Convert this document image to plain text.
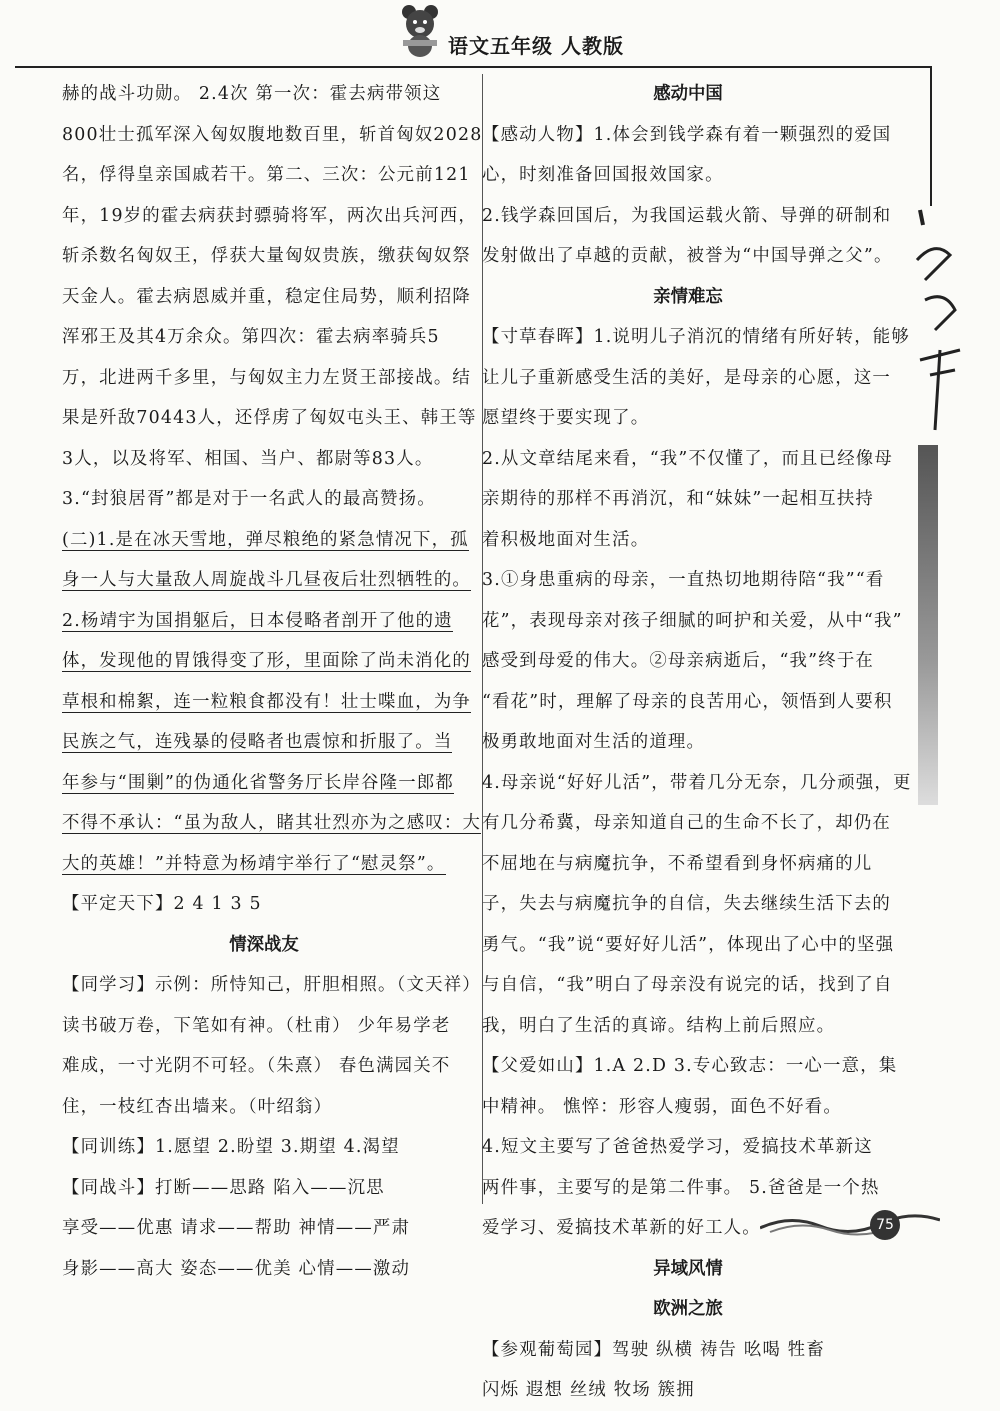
语文五年级 人教版
赫的战斗功勋。 2.4次 第一次：霍去病带领这
800壮士孤军深入匈奴腹地数百里，斩首匈奴2028
名，俘得皇亲国戚若干。第二、三次：公元前121
年，19岁的霍去病获封骠骑将军，两次出兵河西，
斩杀数名匈奴王，俘获大量匈奴贵族，缴获匈奴祭
天金人。霍去病恩威并重，稳定住局势，顺利招降
浑邪王及其4万余众。第四次：霍去病率骑兵5
万，北进两千多里，与匈奴主力左贤王部接战。结
果是歼敌70443人，还俘虏了匈奴屯头王、韩王等
3人，以及将军、相国、当户、都尉等83人。
3.“封狼居胥”都是对于一名武人的最高赞扬。
(二)1.是在冰天雪地，弹尽粮绝的紧急情况下，孤
身一人与大量敌人周旋战斗几昼夜后壮烈牺牲的。
2.杨靖宇为国捐躯后，日本侵略者剖开了他的遗
体，发现他的胃饿得变了形，里面除了尚未消化的
草根和棉絮，连一粒粮食都没有！壮士喋血，为争
民族之气，连残暴的侵略者也震惊和折服了。当
年参与“围剿”的伪通化省警务厅长岸谷隆一郎都
不得不承认：“虽为敌人，睹其壮烈亦为之感叹：大
大的英雄！”并特意为杨靖宇举行了“慰灵祭”。
【平定天下】2 4 1 3 5
情深战友
【同学习】示例：所恃知己，肝胆相照。（文天祥）
读书破万卷，下笔如有神。（杜甫） 少年易学老
难成，一寸光阴不可轻。（朱熹） 春色满园关不
住，一枝红杏出墙来。（叶绍翁）
【同训练】1.愿望 2.盼望 3.期望 4.渴望
【同战斗】打断——思路 陷入——沉思
享受——优惠 请求——帮助 神情——严肃
身影——高大 姿态——优美 心情——激动
感动中国
【感动人物】1.体会到钱学森有着一颗强烈的爱国
心，时刻准备回国报效国家。
2.钱学森回国后，为我国运载火箭、导弹的研制和
发射做出了卓越的贡献，被誉为“中国导弹之父”。
亲情难忘
【寸草春晖】1.说明儿子消沉的情绪有所好转，能够
让儿子重新感受生活的美好，是母亲的心愿，这一
愿望终于要实现了。
2.从文章结尾来看，“我”不仅懂了，而且已经像母
亲期待的那样不再消沉，和“妹妹”一起相互扶持
着积极地面对生活。
3.①身患重病的母亲，一直热切地期待陪“我”“看
花”，表现母亲对孩子细腻的呵护和关爱，从中“我”
感受到母爱的伟大。②母亲病逝后，“我”终于在
“看花”时，理解了母亲的良苦用心，领悟到人要积
极勇敢地面对生活的道理。
4.母亲说“好好儿活”，带着几分无奈，几分顽强，更
有几分希冀，母亲知道自己的生命不长了，却仍在
不屈地在与病魔抗争，不希望看到身怀病痛的儿
子，失去与病魔抗争的自信，失去继续生活下去的
勇气。“我”说“要好好儿活”，体现出了心中的坚强
与自信，“我”明白了母亲没有说完的话，找到了自
我，明白了生活的真谛。结构上前后照应。
【父爱如山】1.A 2.D 3.专心致志：一心一意，集
中精神。 憔悴：形容人瘦弱，面色不好看。
4.短文主要写了爸爸热爱学习，爱搞技术革新这
两件事，主要写的是第二件事。 5.爸爸是一个热
爱学习、爱搞技术革新的好工人。
异域风情
欧洲之旅
【参观葡萄园】驾驶 纵横 祷告 吆喝 牲畜
闪烁 遐想 丝绒 牧场 簇拥
75
